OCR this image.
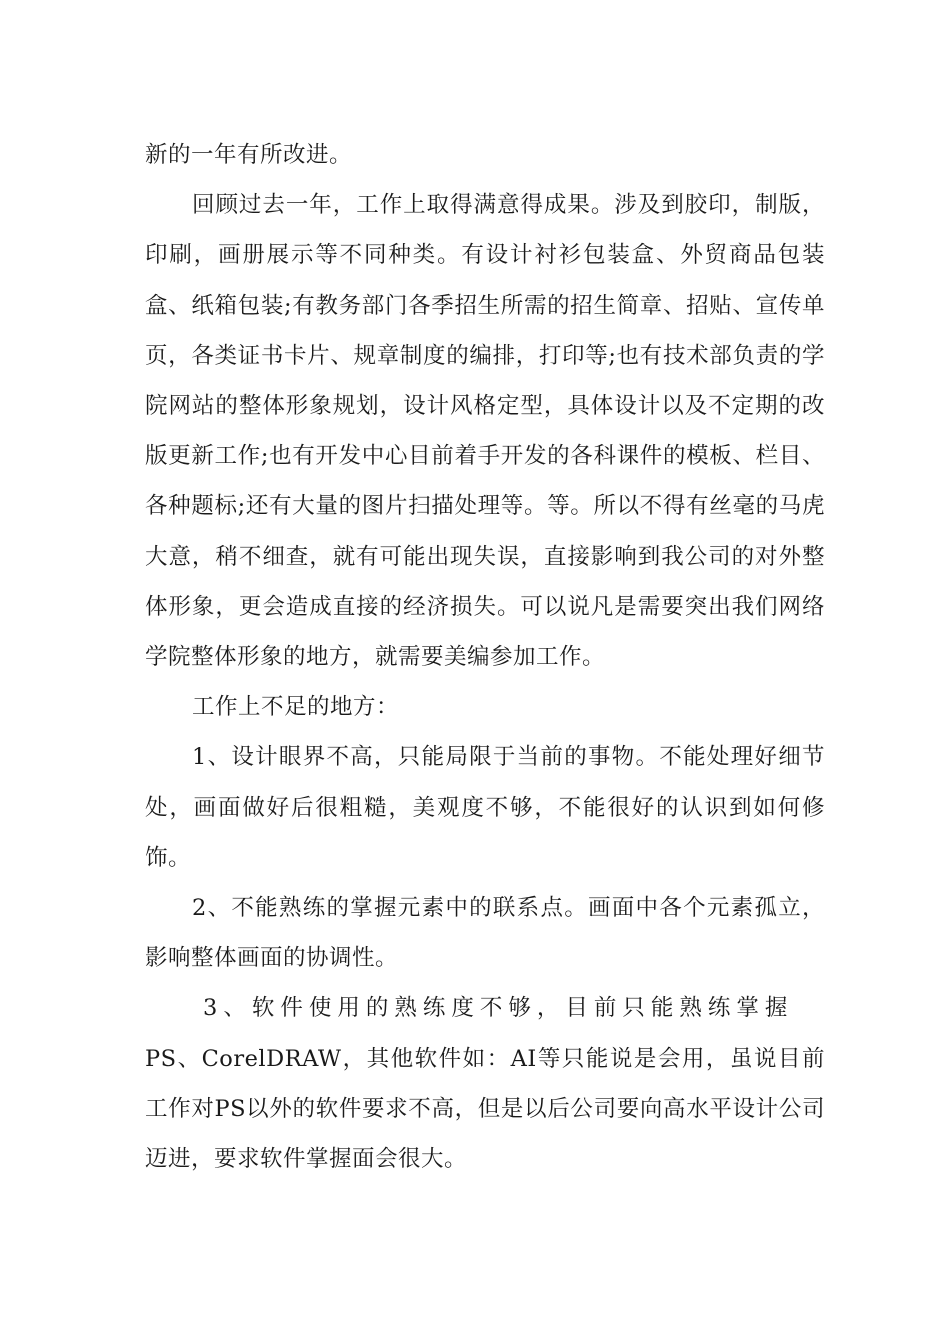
新的一年有所改进。

回顾过去一年，工作上取得满意得成果。涉及到胶印，制版，印刷，画册展示等不同种类。有设计衬衫包装盒、外贸商品包装盒、纸箱包装;有教务部门各季招生所需的招生简章、招贴、宣传单页，各类证书卡片、规章制度的编排，打印等;也有技术部负责的学院网站的整体形象规划，设计风格定型，具体设计以及不定期的改版更新工作;也有开发中心目前着手开发的各科课件的模板、栏目、各种题标;还有大量的图片扫描处理等。等。所以不得有丝毫的马虎大意，稍不细查，就有可能出现失误，直接影响到我公司的对外整体形象，更会造成直接的经济损失。可以说凡是需要突出我们网络学院整体形象的地方，就需要美编参加工作。

工作上不足的地方：

1、设计眼界不高，只能局限于当前的事物。不能处理好细节处，画面做好后很粗糙，美观度不够，不能很好的认识到如何修饰。

2、不能熟练的掌握元素中的联系点。画面中各个元素孤立，影响整体画面的协调性。

3、软件使用的熟练度不够，目前只能熟练掌握

PS、CorelDRAW，其他软件如：AI等只能说是会用，虽说目前工作对PS以外的软件要求不高，但是以后公司要向高水平设计公司迈进，要求软件掌握面会很大。
